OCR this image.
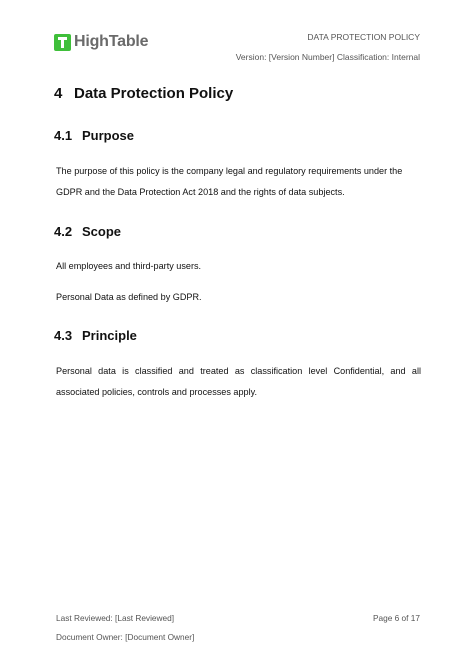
HighTable	DATA PROTECTION POLICY
Version: [Version Number] Classification: Internal
4 Data Protection Policy
4.1 Purpose
The purpose of this policy is the company legal and regulatory requirements under the GDPR and the Data Protection Act 2018 and the rights of data subjects.
4.2 Scope
All employees and third-party users.
Personal Data as defined by GDPR.
4.3 Principle
Personal data is classified and treated as classification level Confidential, and all associated policies, controls and processes apply.
Last Reviewed: [Last Reviewed]	Page 6 of 17
Document Owner: [Document Owner]
